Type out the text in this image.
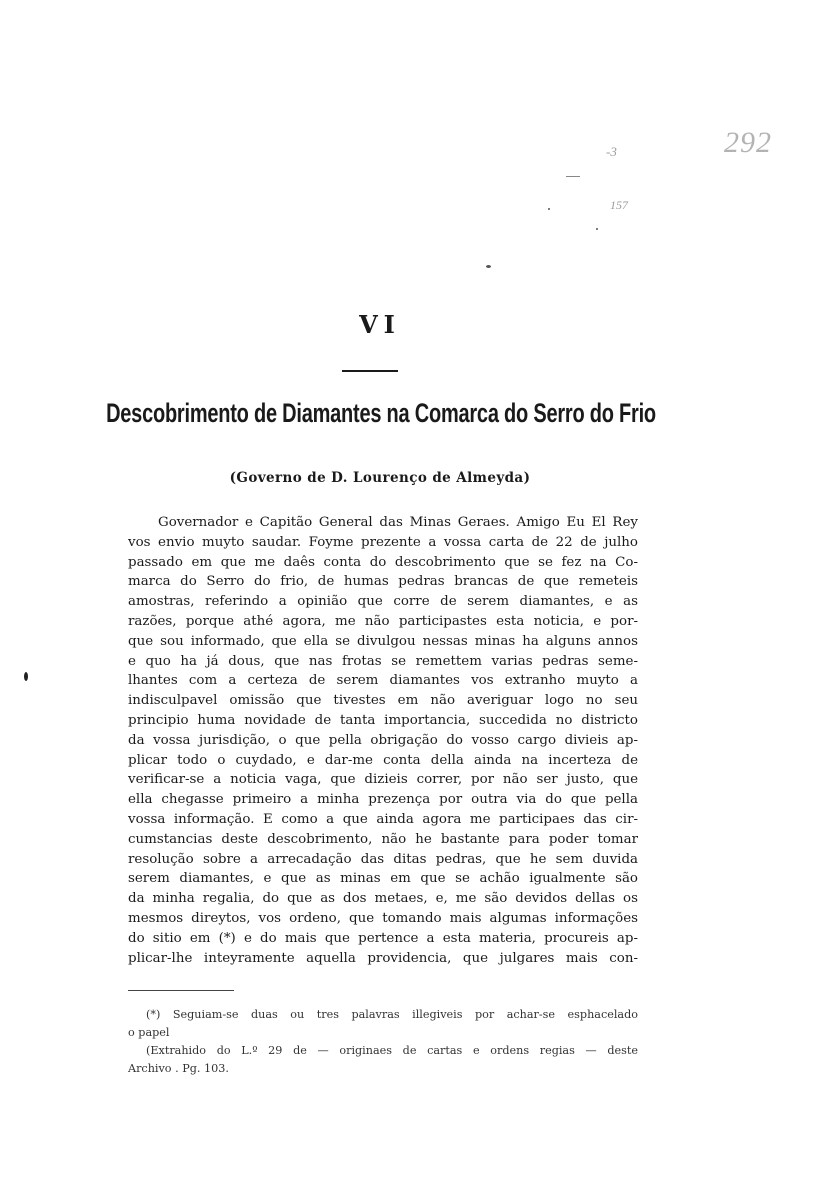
292
-3
157
VI
Descobrimento de Diamantes na Comarca do Serro do Frio
(Governo de D. Lourenço de Almeyda)
Governador e Capitão General das Minas Geraes. Amigo Eu El Rey
vos envio muyto saudar. Foyme prezente a vossa carta de 22 de julho
passado em que me daês conta do descobrimento que se fez na Co-
marca do Serro do frio, de humas pedras brancas de que remeteis
amostras, referindo a opinião que corre de serem diamantes, e as
razões, porque athé agora, me não participastes esta noticia, e por-
que sou informado, que ella se divulgou nessas minas ha alguns annos
e quo ha já dous, que nas frotas se remettem varias pedras seme-
lhantes com a certeza de serem diamantes vos extranho muyto a
indisculpavel omissão que tivestes em não averiguar logo no seu
principio huma novidade de tanta importancia, succedida no districto
da vossa jurisdição, o que pella obrigação do vosso cargo divieis ap-
plicar todo o cuydado, e dar-me conta della ainda na incerteza de
verificar-se a noticia vaga, que dizieis correr, por não ser justo, que
ella chegasse primeiro a minha prezença por outra via do que pella
vossa informação. E como a que ainda agora me participaes das cir-
cumstancias deste descobrimento, não he bastante para poder tomar
resolução sobre a arrecadação das ditas pedras, que he sem duvida
serem diamantes, e que as minas em que se achão igualmente são
da minha regalia, do que as dos metaes, e, me são devidos dellas os
mesmos direytos, vos ordeno, que tomando mais algumas informações
do sitio em (*) e do mais que pertence a esta materia, procureis ap-
plicar-lhe inteyramente aquella providencia, que julgares mais con-
(*) Seguiam-se duas ou tres palavras illegiveis por achar-se esphacelado
o papel
(Extrahido do L.º 29 de — originaes de cartas e ordens regias — deste
Archivo . Pg. 103.
